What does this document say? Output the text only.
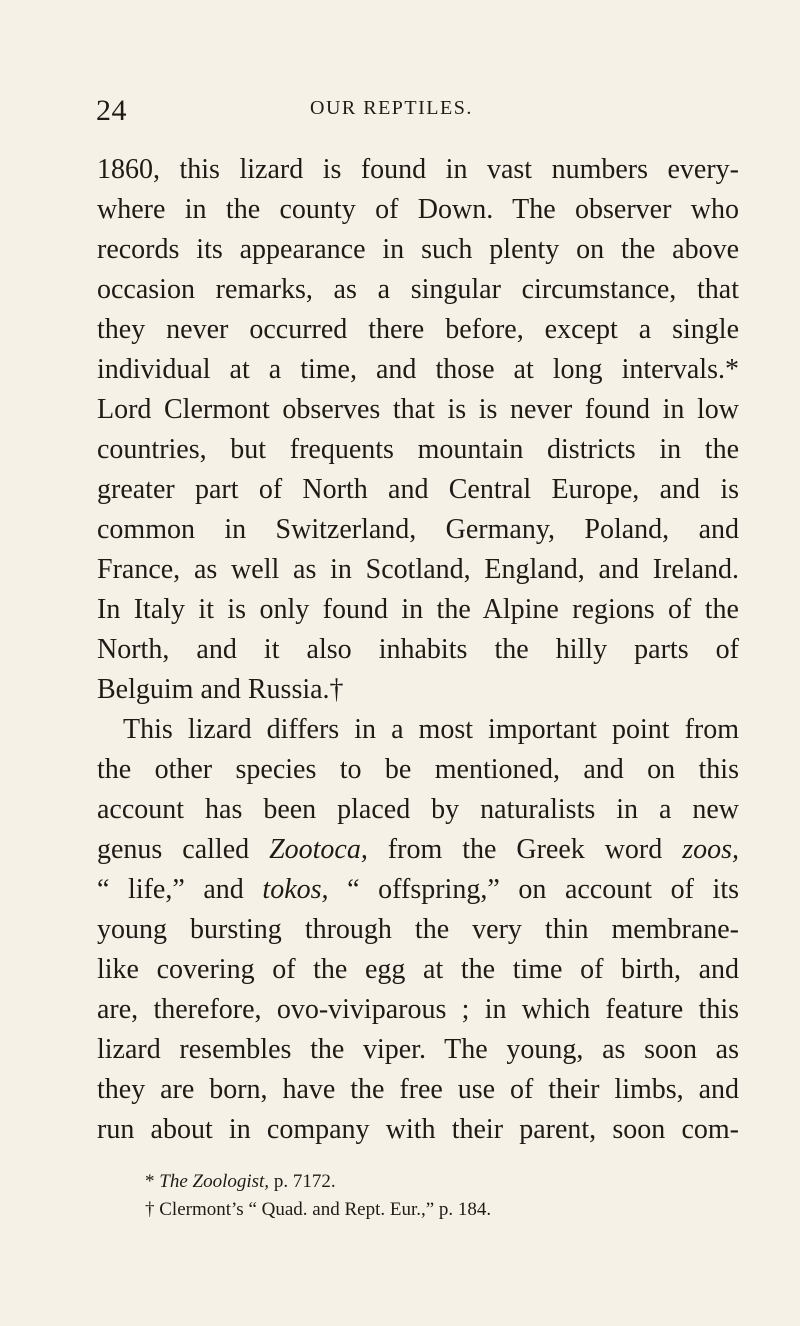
24	OUR REPTILES.
1860, this lizard is found in vast numbers every-
where in the county of Down. The observer who
records its appearance in such plenty on the above
occasion remarks, as a singular circumstance, that
they never occurred there before, except a single
individual at a time, and those at long intervals.*
Lord Clermont observes that is is never found in low
countries, but frequents mountain districts in the
greater part of North and Central Europe, and is
common in Switzerland, Germany, Poland, and
France, as well as in Scotland, England, and Ireland.
In Italy it is only found in the Alpine regions of the
North, and it also inhabits the hilly parts of
Belguim and Russia.†
This lizard differs in a most important point from
the other species to be mentioned, and on this
account has been placed by naturalists in a new
genus called Zootoca, from the Greek word zoos,
“ life,” and tokos, “ offspring,” on account of its
young bursting through the very thin membrane-
like covering of the egg at the time of birth, and
are, therefore, ovo-viviparous ; in which feature this
lizard resembles the viper. The young, as soon as
they are born, have the free use of their limbs, and
run about in company with their parent, soon com-
* The Zoologist, p. 7172.
† Clermont’s “ Quad. and Rept. Eur.,” p. 184.
